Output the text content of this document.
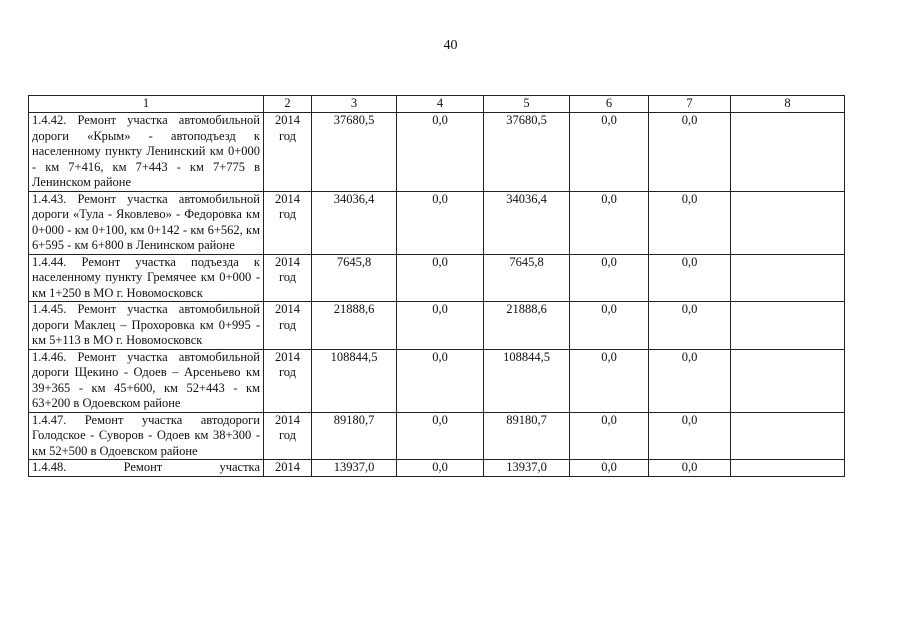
40
1	2	3	4	5	6	7	8
1.4.42. Ремонт участка автомобильной дороги «Крым» - автоподъезд к населенному пункту Ленинский км 0+000 - км 7+416, км 7+443 - км 7+775 в Ленинском районе	2014 год	37680,5	0,0	37680,5	0,0	0,0	
1.4.43. Ремонт участка автомобильной дороги «Тула - Яковлево» - Федоровка км 0+000 - км 0+100, км 0+142 - км 6+562, км 6+595 - км 6+800 в Ленинском районе	2014 год	34036,4	0,0	34036,4	0,0	0,0	
1.4.44. Ремонт участка подъезда к населенному пункту Гремячее км 0+000 - км 1+250 в МО г. Новомосковск	2014 год	7645,8	0,0	7645,8	0,0	0,0	
1.4.45. Ремонт участка автомобильной дороги Маклец – Прохоровка км 0+995 - км 5+113 в МО г. Новомосковск	2014 год	21888,6	0,0	21888,6	0,0	0,0	
1.4.46. Ремонт участка автомобильной дороги Щекино - Одоев – Арсеньево км 39+365 - км 45+600, км 52+443 - км 63+200 в Одоевском районе	2014 год	108844,5	0,0	108844,5	0,0	0,0	
1.4.47. Ремонт участка автодороги Голодское - Суворов - Одоев км 38+300 - км 52+500 в Одоевском районе	2014 год	89180,7	0,0	89180,7	0,0	0,0	
1.4.48. Ремонт участка	2014	13937,0	0,0	13937,0	0,0	0,0	
